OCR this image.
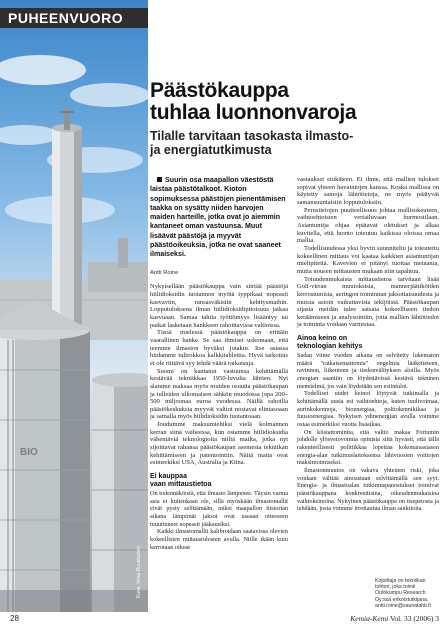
BIO
Kuva: Vesa Ruuskanen
PUHEENVUORO
Päästökauppa
tuhlaa luonnonvaroja
Tilalle tarvitaan tasokasta ilmasto-
ja energiatutkimusta

Suurin osa maapallon väestöstä laistaa päästötalkoot. Kioton sopimuksessa päästöjen pienentämisen taakka on sysätty niiden harvojen maiden harteille, jotka ovat jo aiemmin kantaneet oman vastuunsa. Muut lisäävät päästöjä ja myyvät päästöoikeuksia, jotka ne ovat saaneet ilmaiseksi.

Antti Roine

Nykyisellään päästökauppa vain siirtää päästöjä hiilidioksidin tuotannon myötä typpikaat nopeasti kasvaviin, runsasväkisiin kehitysmaihin. Lopputuloksena ilman hiilidioksidipitoisuus jatkaa kasvuaan. Samaa tahtia työttömyys lisääntyy tai paikat lasketaan hankkeen rahoittavissa valtioissa.

Tässä mielessä päästökauppa on erittäin vaarallinen hanke. Se saa ihmiset uskomaan, että teemme ilmaston hyväksi jotakin. Itse asiassa hiidamme tulirokkoa kalkkitablettia. Hyvä tarkoitus ei ole riittävä syy tehdä väärä ratkaisuja.

Suomi on kantanut vastuunsa kehittämällä kestävää tekniikkaa 1950-luvulta lähtien. Nyt alamme maksaa myös muiden osuutta päästökaupan ja tulleiden ulkomaisen sähkön muodossa jopa 200–500 miljoonaa euroa vuodessa. Näillä rahoilla päästökeskuksia myyvät valtiot nostavat elintasoaan ja samalla myös hiilidioksidin tuotantoaan.

Joudumme maksumiehiksi vielä kolmannen kerran siinä vaiheessa, kun ostamme hiilidioksidia vähentäviä teknologioita niiltä mailta, jotka nyt sijoittavat rahansa päästökaupan asemesta tekniikan kehittämiseen ja patentointiin. Näitä maita ovat esimerkiksi USA, Australia ja Kiina.

Ei kauppaa
vaan mittaustietoa

On todennäköistä, että ilmasto lämpenee. Täysin varma asia ei kuitenkaan ole, sillä myöskään ilmastomallit eivät pysty selittämään, miksi maapallon historian aikana lämpimät jaksot ovat useaan otteeseen muuttuneet nopeasti jääkausiksi.

Kaikki ilmastomallit kalibroidaan saatavissa olevien kokeellisten mittaustulosten avulla. Niille ikään kuin kerrotaan oikeat

vastaukset etukäteen. Ei ihme, että mallien tulokset sopivat yhteen havaintojen kanssa. Koska mallissa on käytetty samoja lähtötietoja, ne myös päätyvät samansuuntaisiin lopputuloksiin.

Perustietojen puutteellisuus johtaa mallisokeuteen, vaihtoehtoisten vertailuvaan hurmostilaan. Asiantuntija ohjaa epätavat oletukset ja alkaa kuvitella, että luonto toteutuu kaikissa oloissa omaa mallia.

Todellisuudessa yksi hyvin suunniteltu ja toteutettu kokeellinen mittaus voi kaataa kaikkien asiantuntijan mielipiteitä. Kavevien ei pitänyt tuottaa metaania, mutta nousen mittausten mukaan niin tapahtuu.

Totuudenmukaista mittaustietoa tarvitaan lisää Golf-virran muutoksista, mannerjäätiköiden kerrostumista, aeringon toiminnan jaksottaisuudesta ja muista asioin vaikuttavista tekijöistä. Päästökaupan sijasta meidän tulee satsata kokeelliseen tiedon keräämiseen ja analysointiin, joita mallien lähtötiedot ja toiminta voidaan varmistaa.

Ainoa keino on
teknologian kehitys

Sadan viime vuoden aikana on selvitetty lukematon määrä "ratkaisemattomia" ongelmia lääketieteen, ravinnon, liikenteen ja tiedonvälityksen aloilla. Myös energian saantiin on löydettävissä kestävä tekninen menetelmä, jos vain löydetään sen esiintulot.

Todelliset uudet keinot löytyvät tutkimalla ja kehittämällä uusia esi vaihtoehtoja, kuten tuulivoimaa, aurinkokennoja, bioenergiaa, polttokennikikaa ja fuusioenergiaa. Nykyisen ydinenergian avulla voimme ostaa esimerkiksi vuotta lisäaikaa.

On kiistattomintta, että valtio makaa Fortumin johdolle ylösvetovoimia opinista siitä hyvästi, että tällä rakenteellisesti politiikkaa lopettaa kokonaisasiasen energia-alan tutkimuslaitoksensa lähivuosien voittojen maksimoimiseksi.

Ilmastonmuutos on vakava yhteinen riski, joka voidaan välttää ainoastaan selvittämällä sen syyt. Energia- ja ilmastoalan tutkimuspanostukset toimivat päästökauppana konkreettisina, oikeudenmukaisina vaihtokeinoina. Nykyinen päästökauppa on itsepetosta ja tehdään, josta voimme irrottautua ilman sanktioita.

Kirjoittaja on tekniikan tohtori, joka toimii
Outokumpu Research Oy:ssä erikoistutkijana.
antti.roine@saunalahti.fi
28	Kemia-Kemi Vol. 33 (2006) 3
